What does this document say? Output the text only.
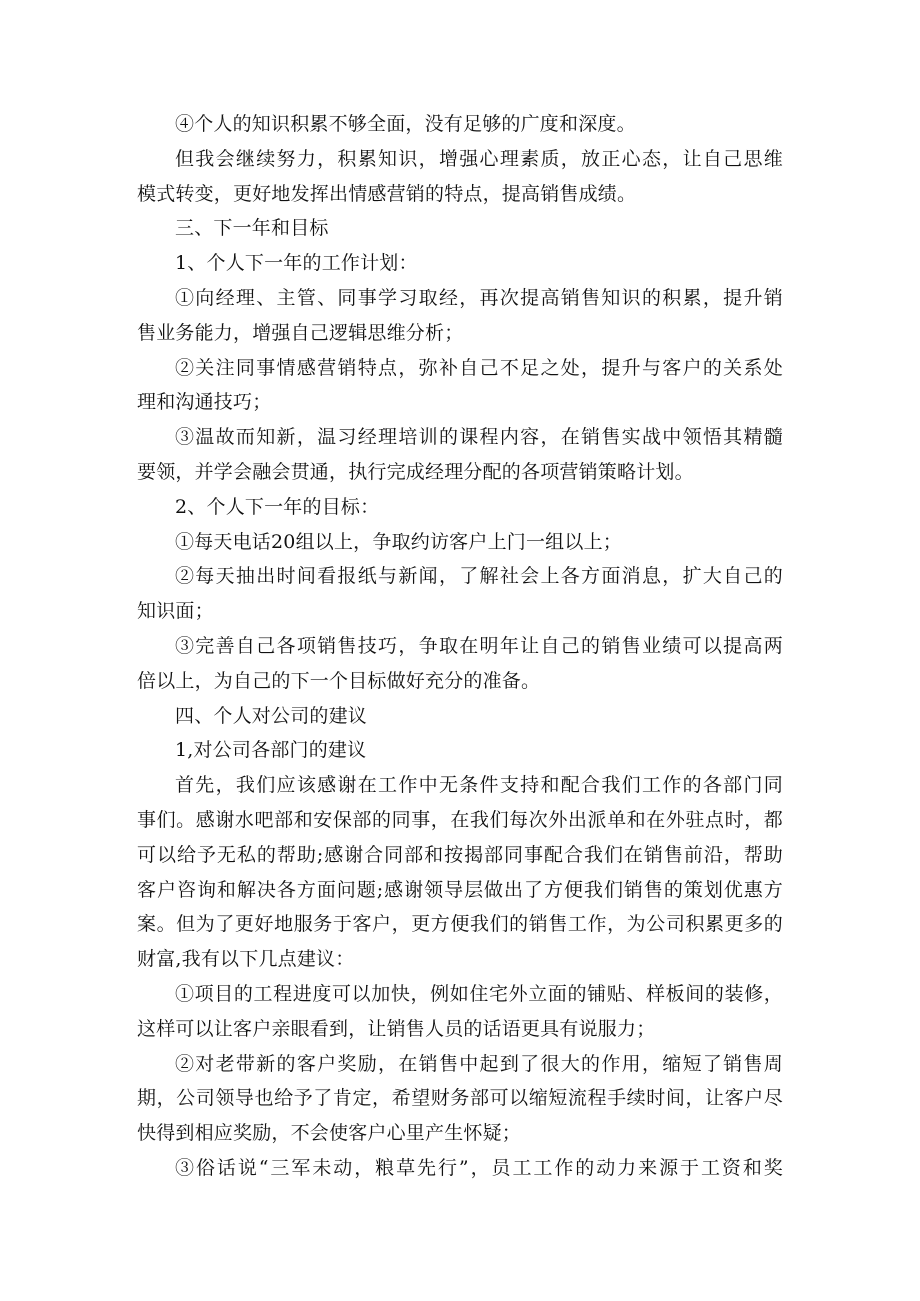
④个人的知识积累不够全面，没有足够的广度和深度。
但我会继续努力，积累知识，增强心理素质，放正心态，让自己思维
模式转变，更好地发挥出情感营销的特点，提高销售成绩。
三、下一年和目标
1、个人下一年的工作计划：
①向经理、主管、同事学习取经，再次提高销售知识的积累，提升销
售业务能力，增强自己逻辑思维分析；
②关注同事情感营销特点，弥补自己不足之处，提升与客户的关系处
理和沟通技巧；
③温故而知新，温习经理培训的课程内容，在销售实战中领悟其精髓
要领，并学会融会贯通，执行完成经理分配的各项营销策略计划。
2、个人下一年的目标：
①每天电话20组以上，争取约访客户上门一组以上；
②每天抽出时间看报纸与新闻，了解社会上各方面消息，扩大自己的
知识面；
③完善自己各项销售技巧，争取在明年让自己的销售业绩可以提高两
倍以上，为自己的下一个目标做好充分的准备。
四、个人对公司的建议
1,对公司各部门的建议
首先，我们应该感谢在工作中无条件支持和配合我们工作的各部门同
事们。感谢水吧部和安保部的同事，在我们每次外出派单和在外驻点时，都
可以给予无私的帮助;感谢合同部和按揭部同事配合我们在销售前沿，帮助
客户咨询和解决各方面问题;感谢领导层做出了方便我们销售的策划优惠方
案。但为了更好地服务于客户，更方便我们的销售工作，为公司积累更多的
财富,我有以下几点建议：
①项目的工程进度可以加快，例如住宅外立面的铺贴、样板间的装修，
这样可以让客户亲眼看到，让销售人员的话语更具有说服力；
②对老带新的客户奖励，在销售中起到了很大的作用，缩短了销售周
期，公司领导也给予了肯定，希望财务部可以缩短流程手续时间，让客户尽
快得到相应奖励，不会使客户心里产生怀疑；
③俗话说“三军未动，粮草先行”，员工工作的动力来源于工资和奖
